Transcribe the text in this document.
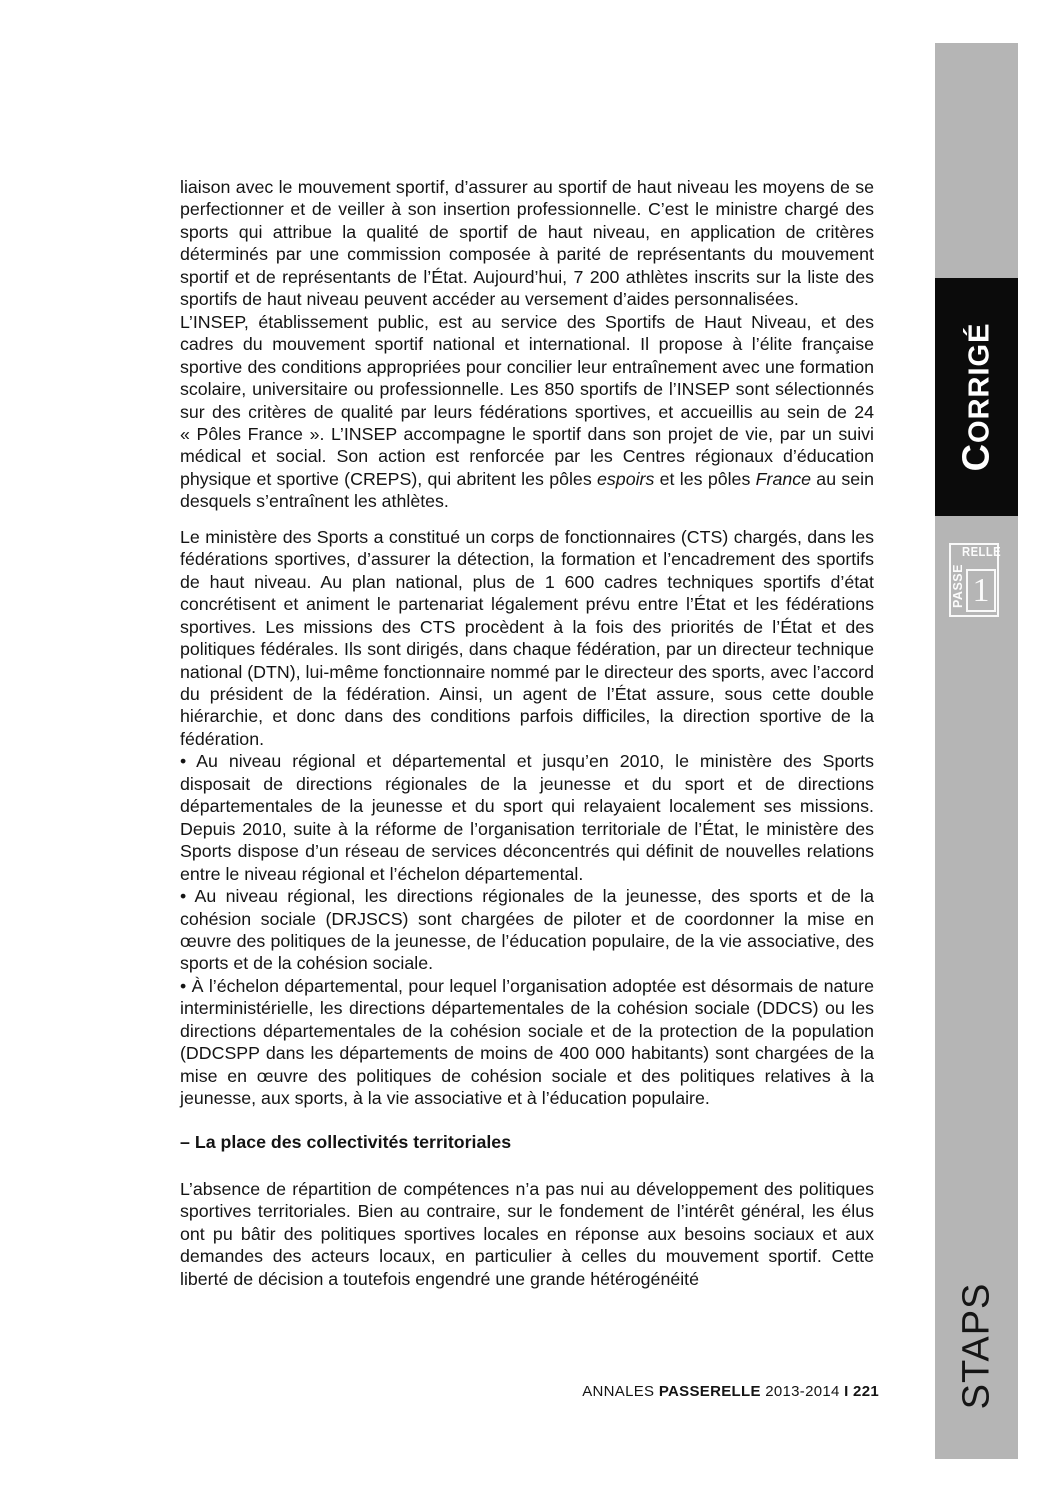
liaison avec le mouvement sportif, d’assurer au sportif de haut niveau les moyens de se perfectionner et de veiller à son insertion professionnelle. C’est le ministre chargé des sports qui attribue la qualité de sportif de haut niveau, en application de critères déterminés par une commission composée à parité de représentants du mouvement sportif et de représentants de l’État. Aujourd’hui, 7 200 athlètes inscrits sur la liste des sportifs de haut niveau peuvent accéder au versement d’aides personnalisées.

L’INSEP, établissement public, est au service des Sportifs de Haut Niveau, et des cadres du mouvement sportif national et international. Il propose à l’élite française sportive des conditions appropriées pour concilier leur entraînement avec une formation scolaire, universitaire ou professionnelle. Les 850 sportifs de l’INSEP sont sélectionnés sur des critères de qualité par leurs fédérations sportives, et accueillis au sein de 24 « Pôles France ». L’INSEP accompagne le sportif dans son projet de vie, par un suivi médical et social. Son action est renforcée par les Centres régionaux d’éducation physique et sportive (CREPS), qui abritent les pôles espoirs et les pôles France au sein desquels s’entraînent les athlètes.

Le ministère des Sports a constitué un corps de fonctionnaires (CTS) chargés, dans les fédérations sportives, d’assurer la détection, la formation et l’encadrement des sportifs de haut niveau. Au plan national, plus de 1 600 cadres techniques sportifs d’état concrétisent et animent le partenariat légalement prévu entre l’État et les fédérations sportives. Les missions des CTS procèdent à la fois des priorités de l’État et des politiques fédérales. Ils sont dirigés, dans chaque fédération, par un directeur technique national (DTN), lui-même fonctionnaire nommé par le directeur des sports, avec l’accord du président de la fédération. Ainsi, un agent de l’État assure, sous cette double hiérarchie, et donc dans des conditions parfois difficiles, la direction sportive de la fédération.

• Au niveau régional et départemental et jusqu’en 2010, le ministère des Sports disposait de directions régionales de la jeunesse et du sport et de directions départementales de la jeunesse et du sport qui relayaient localement ses missions. Depuis 2010, suite à la réforme de l’organisation territoriale de l’État, le ministère des Sports dispose d’un réseau de services déconcentrés qui définit de nouvelles relations entre le niveau régional et l’échelon départemental.

• Au niveau régional, les directions régionales de la jeunesse, des sports et de la cohésion sociale (DRJSCS) sont chargées de piloter et de coordonner la mise en œuvre des politiques de la jeunesse, de l’éducation populaire, de la vie associative, des sports et de la cohésion sociale.

• À l’échelon départemental, pour lequel l’organisation adoptée est désormais de nature interministérielle, les directions départementales de la cohésion sociale (DDCS) ou les directions départementales de la cohésion sociale et de la protection de la population (DDCSPP dans les départements de moins de 400 000 habitants) sont chargées de la mise en œuvre des politiques de cohésion sociale et des politiques relatives à la jeunesse, aux sports, à la vie associative et à l’éducation populaire.

– La place des collectivités territoriales

L’absence de répartition de compétences n’a pas nui au développement des politiques sportives territoriales. Bien au contraire, sur le fondement de l’intérêt général, les élus ont pu bâtir des politiques sportives locales en réponse aux besoins sociaux et aux demandes des acteurs locaux, en particulier à celles du mouvement sportif. Cette liberté de décision a toutefois engendré une grande hétérogénéité

ANNALES PASSERELLE 2013-2014 I 221
CORRIGÉ
RELLE
PASSE 1
STAPS
